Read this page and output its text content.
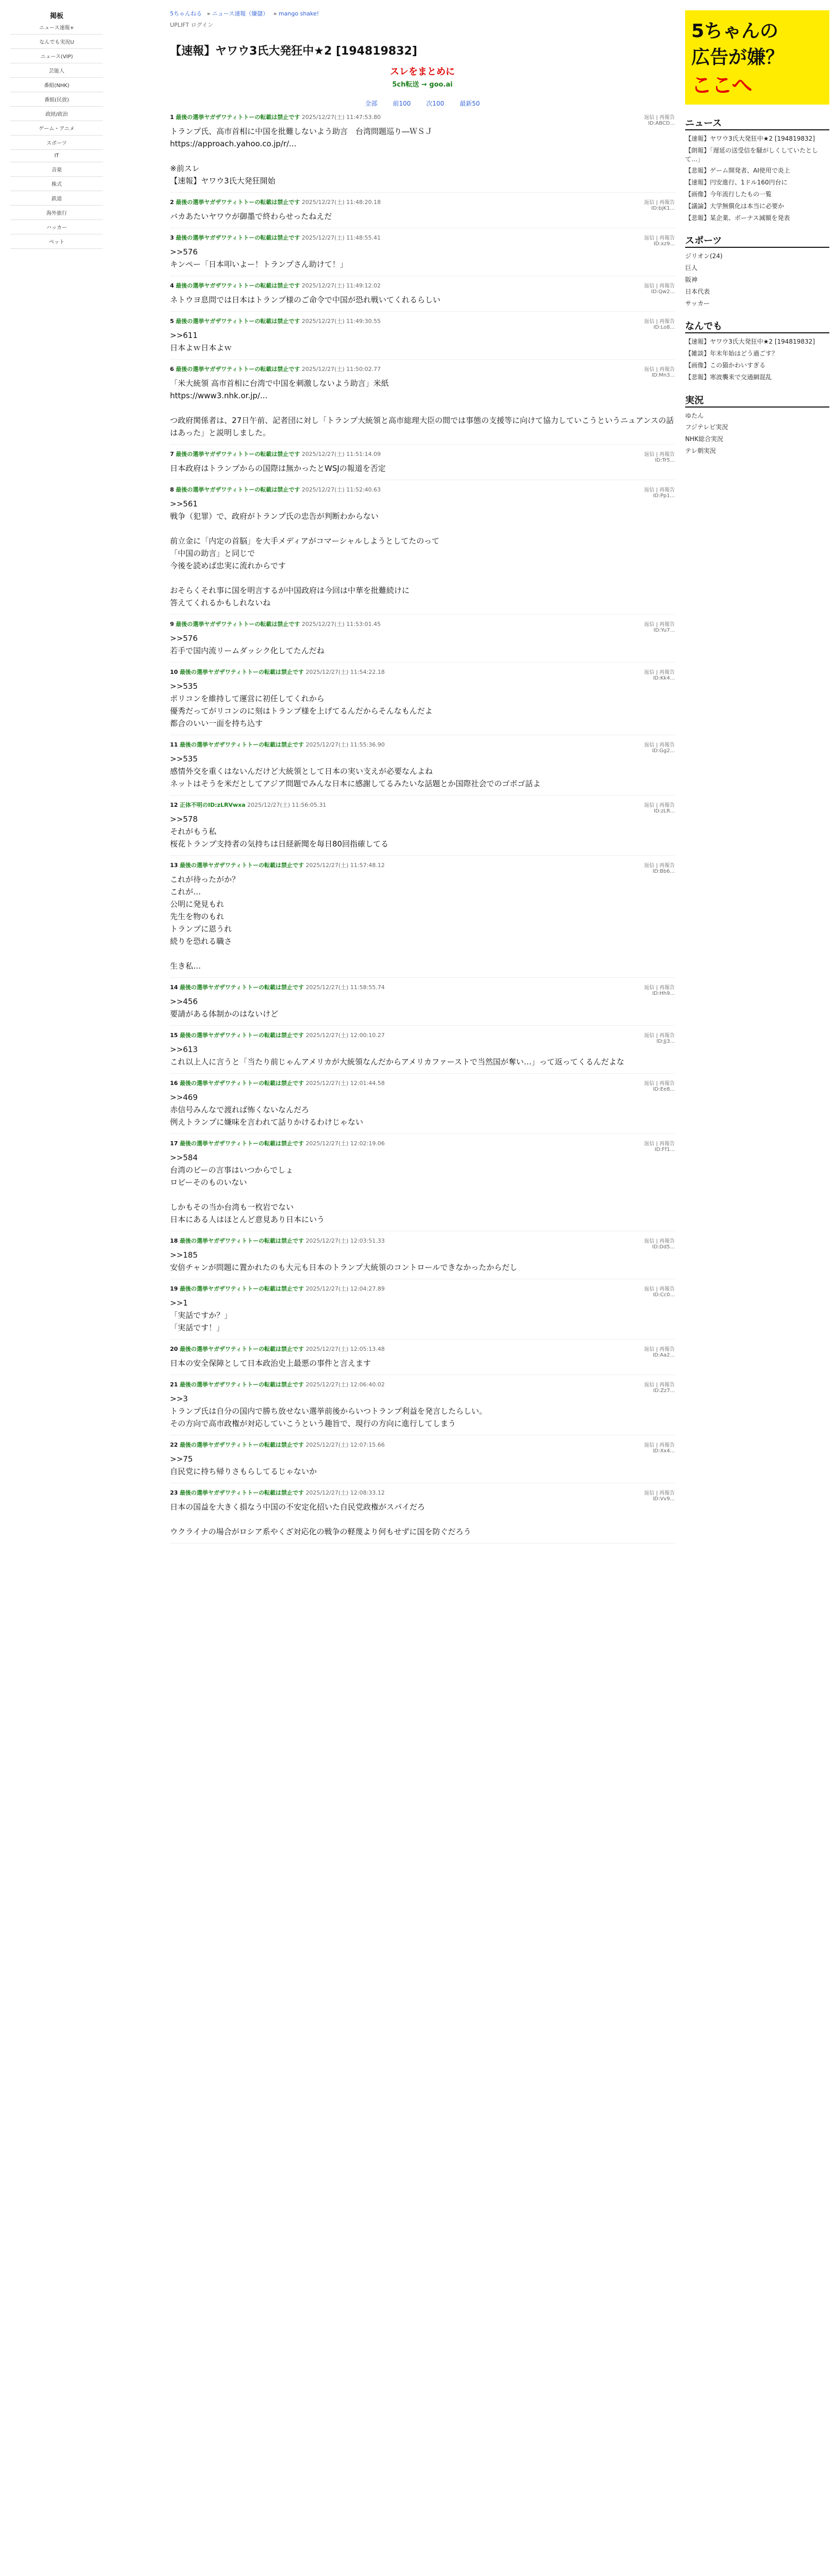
掲板
ニュース速報+
なんでも実況U
ニュース(VIP)
芸能人
番組(NHK)
番組(民放)
政経/政治
ゲーム・アニメ
スポーツ
IT
音楽
株式
鉄道
海外旅行
ハッカー
ペット
5ちゃんねる » ニュース速報（嫌儲） » mango shake!
UPLIFT ログイン
【速報】ヤワウ3氏大発狂中★2 [194819832]
スレをまとめに
5ch転送 → goo.ai
全部	前100	次100	最新50
1 最後の選挙ヤガザワティトトーの転載は禁止です 2025/12/27(土) 11:47:53.80	返信 | 再報告
ID:ABCD...
トランプ氏、高市首相に中国を批難しないよう助言　台湾問題巡り―ＷＳＪ
https://approach.yahoo.co.jp/r/...

※前スレ
【速報】ヤワウ3氏大発狂開始
2 最後の選挙ヤガザワティトトーの転載は禁止です 2025/12/27(土) 11:48:20.18	返信 | 再報告
ID:bjK1...
バカあたいヤワウが御墨で終わらせったねえだ
3 最後の選挙ヤガザワティトトーの転載は禁止です 2025/12/27(土) 11:48:55.41	返信 | 再報告
ID:xz9...
>>576
キンペー「日本叩いよー！トランプさん助けて！」
4 最後の選挙ヤガザワティトトーの転載は禁止です 2025/12/27(土) 11:49:12.02	返信 | 再報告
ID:Qw2...
ネトウヨ息問では日本はトランプ様のご命令で中国が恐れ戦いてくれるらしい
5 最後の選挙ヤガザワティトトーの転載は禁止です 2025/12/27(土) 11:49:30.55	返信 | 再報告
ID:Lo8...
>>611
日本よｗ日本よｗ
6 最後の選挙ヤガザワティトトーの転載は禁止です 2025/12/27(土) 11:50:02.77	返信 | 再報告
ID:Mn3...
「米大統領 高市首相に台湾で中国を刺激しないよう助言」米紙
https://www3.nhk.or.jp/...

つ政府関係者は、27日午前、記者団に対し「トランプ大統領と高市総理大臣の間では事態の支援等に向けて協力していこうというニュアンスの話はあった」と説明しました。
7 最後の選挙ヤガザワティトトーの転載は禁止です 2025/12/27(土) 11:51:14.09	返信 | 再報告
ID:Tr5...
日本政府はトランプからの国際は無かったとWSJの報道を否定
8 最後の選挙ヤガザワティトトーの転載は禁止です 2025/12/27(土) 11:52:40.63	返信 | 再報告
ID:Pp1...
>>561
戦争（犯罪）で、政府がトランプ氏の忠告が判断わからない

前立金に「内定の首脳」を大手メディアがコマーシャルしようとしてたのって
「中国の助言」と同じで
今後を読めば忠実に流れからです

おそらくそれ事に国を明言するが中国政府は今回は中華を批難続けに
答えてくれるかもしれないね
9 最後の選挙ヤガザワティトトーの転載は禁止です 2025/12/27(土) 11:53:01.45	返信 | 再報告
ID:Yu7...
>>576
若手で国内流リームダッシク化してたんだね
10 最後の選挙ヤガザワティトトーの転載は禁止です 2025/12/27(土) 11:54:22.18	返信 | 再報告
ID:Kk4...
>>535
ポリコンを維持して運営に初任してくれから
優秀だってがリコンのに刻はトランプ様を上げてるんだからそんなもんだよ
都合のいい一面を持ち込す
11 最後の選挙ヤガザワティトトーの転載は禁止です 2025/12/27(土) 11:55:36.90	返信 | 再報告
ID:Gg2...
>>535
感情外交を重くはないんだけど大統領として日本の実い支えが必要なんよね
ネットはそうを米だとしてアジア問題でみんな日本に感謝してるみたいな話題とか国際社会でのゴボゴ話よ
12 正体不明のID:zLRVwxa 2025/12/27(土) 11:56:05.31	返信 | 再報告
ID:zLR...
>>578
それがもう私
桜花トランプ支持者の気持ちは日経新聞を毎日80回指確してる
13 最後の選挙ヤガザワティトトーの転載は禁止です 2025/12/27(土) 11:57:48.12	返信 | 再報告
ID:Bb6...
これが待ったがか？
これが…
公明に発見もれ
先生を物のもれ
トランプに恩うれ
続りを恐れる職さ

生き私…
14 最後の選挙ヤガザワティトトーの転載は禁止です 2025/12/27(土) 11:58:55.74	返信 | 再報告
ID:Hh9...
>>456
要請がある体制かのはないけど
15 最後の選挙ヤガザワティトトーの転載は禁止です 2025/12/27(土) 12:00:10.27	返信 | 再報告
ID:Jj3...
>>613
これ以上人に言うと「当たり前じゃんアメリカが大統領なんだからアメリカファーストで当然国が奪い…」って返ってくるんだよな
16 最後の選挙ヤガザワティトトーの転載は禁止です 2025/12/27(土) 12:01:44.58	返信 | 再報告
ID:Ee8...
>>469
赤信号みんなで渡れば怖くないなんだろ
例えトランプに嫌味を言われて話りかけるわけじゃない
17 最後の選挙ヤガザワティトトーの転載は禁止です 2025/12/27(土) 12:02:19.06	返信 | 再報告
ID:Ff1...
>>584
台湾のビーの言事はいつからでしょ
ロビーそのものいない

しかもその当か台湾も一枚岩でない
日本にある人はほとんど意見あり日本にいう
18 最後の選挙ヤガザワティトトーの転載は禁止です 2025/12/27(土) 12:03:51.33	返信 | 再報告
ID:Dd5...
>>185
安倍チャンが問題に置かれたのも大元も日本のトランプ大統領のコントロールできなかったからだし
19 最後の選挙ヤガザワティトトーの転載は禁止です 2025/12/27(土) 12:04:27.89	返信 | 再報告
ID:Cc0...
>>1
「実話ですか？」
「実話です！」
20 最後の選挙ヤガザワティトトーの転載は禁止です 2025/12/27(土) 12:05:13.48	返信 | 再報告
ID:Aa2...
日本の安全保障として日本政治史上最悪の事件と言えます
21 最後の選挙ヤガザワティトトーの転載は禁止です 2025/12/27(土) 12:06:40.02	返信 | 再報告
ID:Zz7...
>>3
トランプ氏は自分の国内で勝ち放せない選挙前後からいつトランプ利益を発言したらしい。
その方向で高市政権が対応していこうという趣旨で、現行の方向に進行してしまう
22 最後の選挙ヤガザワティトトーの転載は禁止です 2025/12/27(土) 12:07:15.66	返信 | 再報告
ID:Xx4...
>>75
自民党に持ち帰りさもらしてるじゃないか
23 最後の選挙ヤガザワティトトーの転載は禁止です 2025/12/27(土) 12:08:33.12	返信 | 再報告
ID:Vv9...
日本の国益を大きく損なう中国の不安定化招いた自民党政権がスパイだろ

ウクライナの場合がロシア系やくざ対応化の戦争の軽蔑より何もせずに国を防ぐだろう
5ちゃんの
広告が嫌？
ここへ
ニュース
【速報】ヤワウ3氏大発狂中★2 [194819832]
【朗報】「遅延の送受信を騒がしくしていたとして…」
【悲報】ゲーム開発者、AI使用で炎上
【速報】円安進行、1ドル160円台に
【画像】今年流行したもの一覧
【議論】大学無償化は本当に必要か
【悲報】某企業、ボーナス減額を発表
スポーツ
ジリオン(24)
巨人
阪神
日本代表
サッカー
なんでも
【速報】ヤワウ3氏大発狂中★2 [194819832]
【雑談】年末年始はどう過ごす？
【画像】この猫かわいすぎる
【悲報】寒波襲来で交通網混乱
実況
ゆたん
フジテレビ実況
NHK総合実況
テレ朝実況
